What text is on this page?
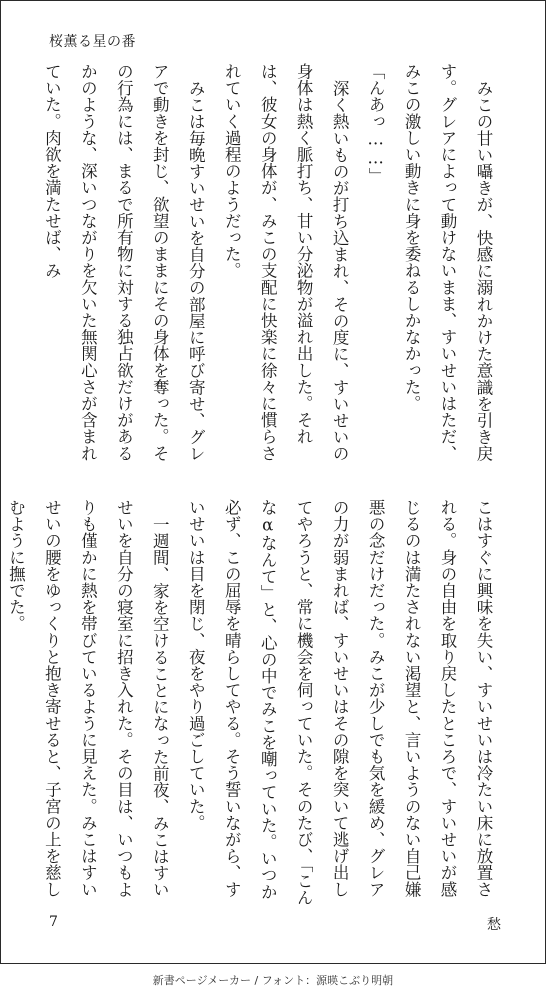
桜薫る星の番

みこの甘い囁きが、快感に溺れかけた意識を引き戻す。グレアによって動けないまま、すいせいはただ、みこの激しい動きに身を委ねるしかなかった。

「んあっ……」

深く熱いものが打ち込まれ、その度に、すいせいの身体は熱く脈打ち、甘い分泌物が溢れ出した。それは、彼女の身体が、みこの支配に快楽に徐々に慣らされていく過程のようだった。

みこは毎晩すいせいを自分の部屋に呼び寄せ、グレアで動きを封じ、欲望のままにその身体を奪った。その行為には、まるで所有物に対する独占欲だけがあるかのような、深いつながりを欠いた無関心さが含まれていた。肉欲を満たせば、み

こはすぐに興味を失い、すいせいは冷たい床に放置される。身の自由を取り戻したところで、すいせいが感じるのは満たされない渇望と、言いようのない自己嫌悪の念だけだった。みこが少しでも気を緩め、グレアの力が弱まれば、すいせいはその隙を突いて逃げ出してやろうと、常に機会を伺っていた。そのたび、「こんなαなんて」と、心の中でみこを嘲っていた。いつか必ず、この屈辱を晴らしてやる。そう誓いながら、すいせいは目を閉じ、夜をやり過ごしていた。

一週間、家を空けることになった前夜、みこはすいせいを自分の寝室に招き入れた。その目は、いつもよりも僅かに熱を帯びているように見えた。みこはすいせいの腰をゆっくりと抱き寄せると、子宮の上を慈しむように撫でた。

7	愁
新書ページメーカー / フォント：源暎こぶり明朝
